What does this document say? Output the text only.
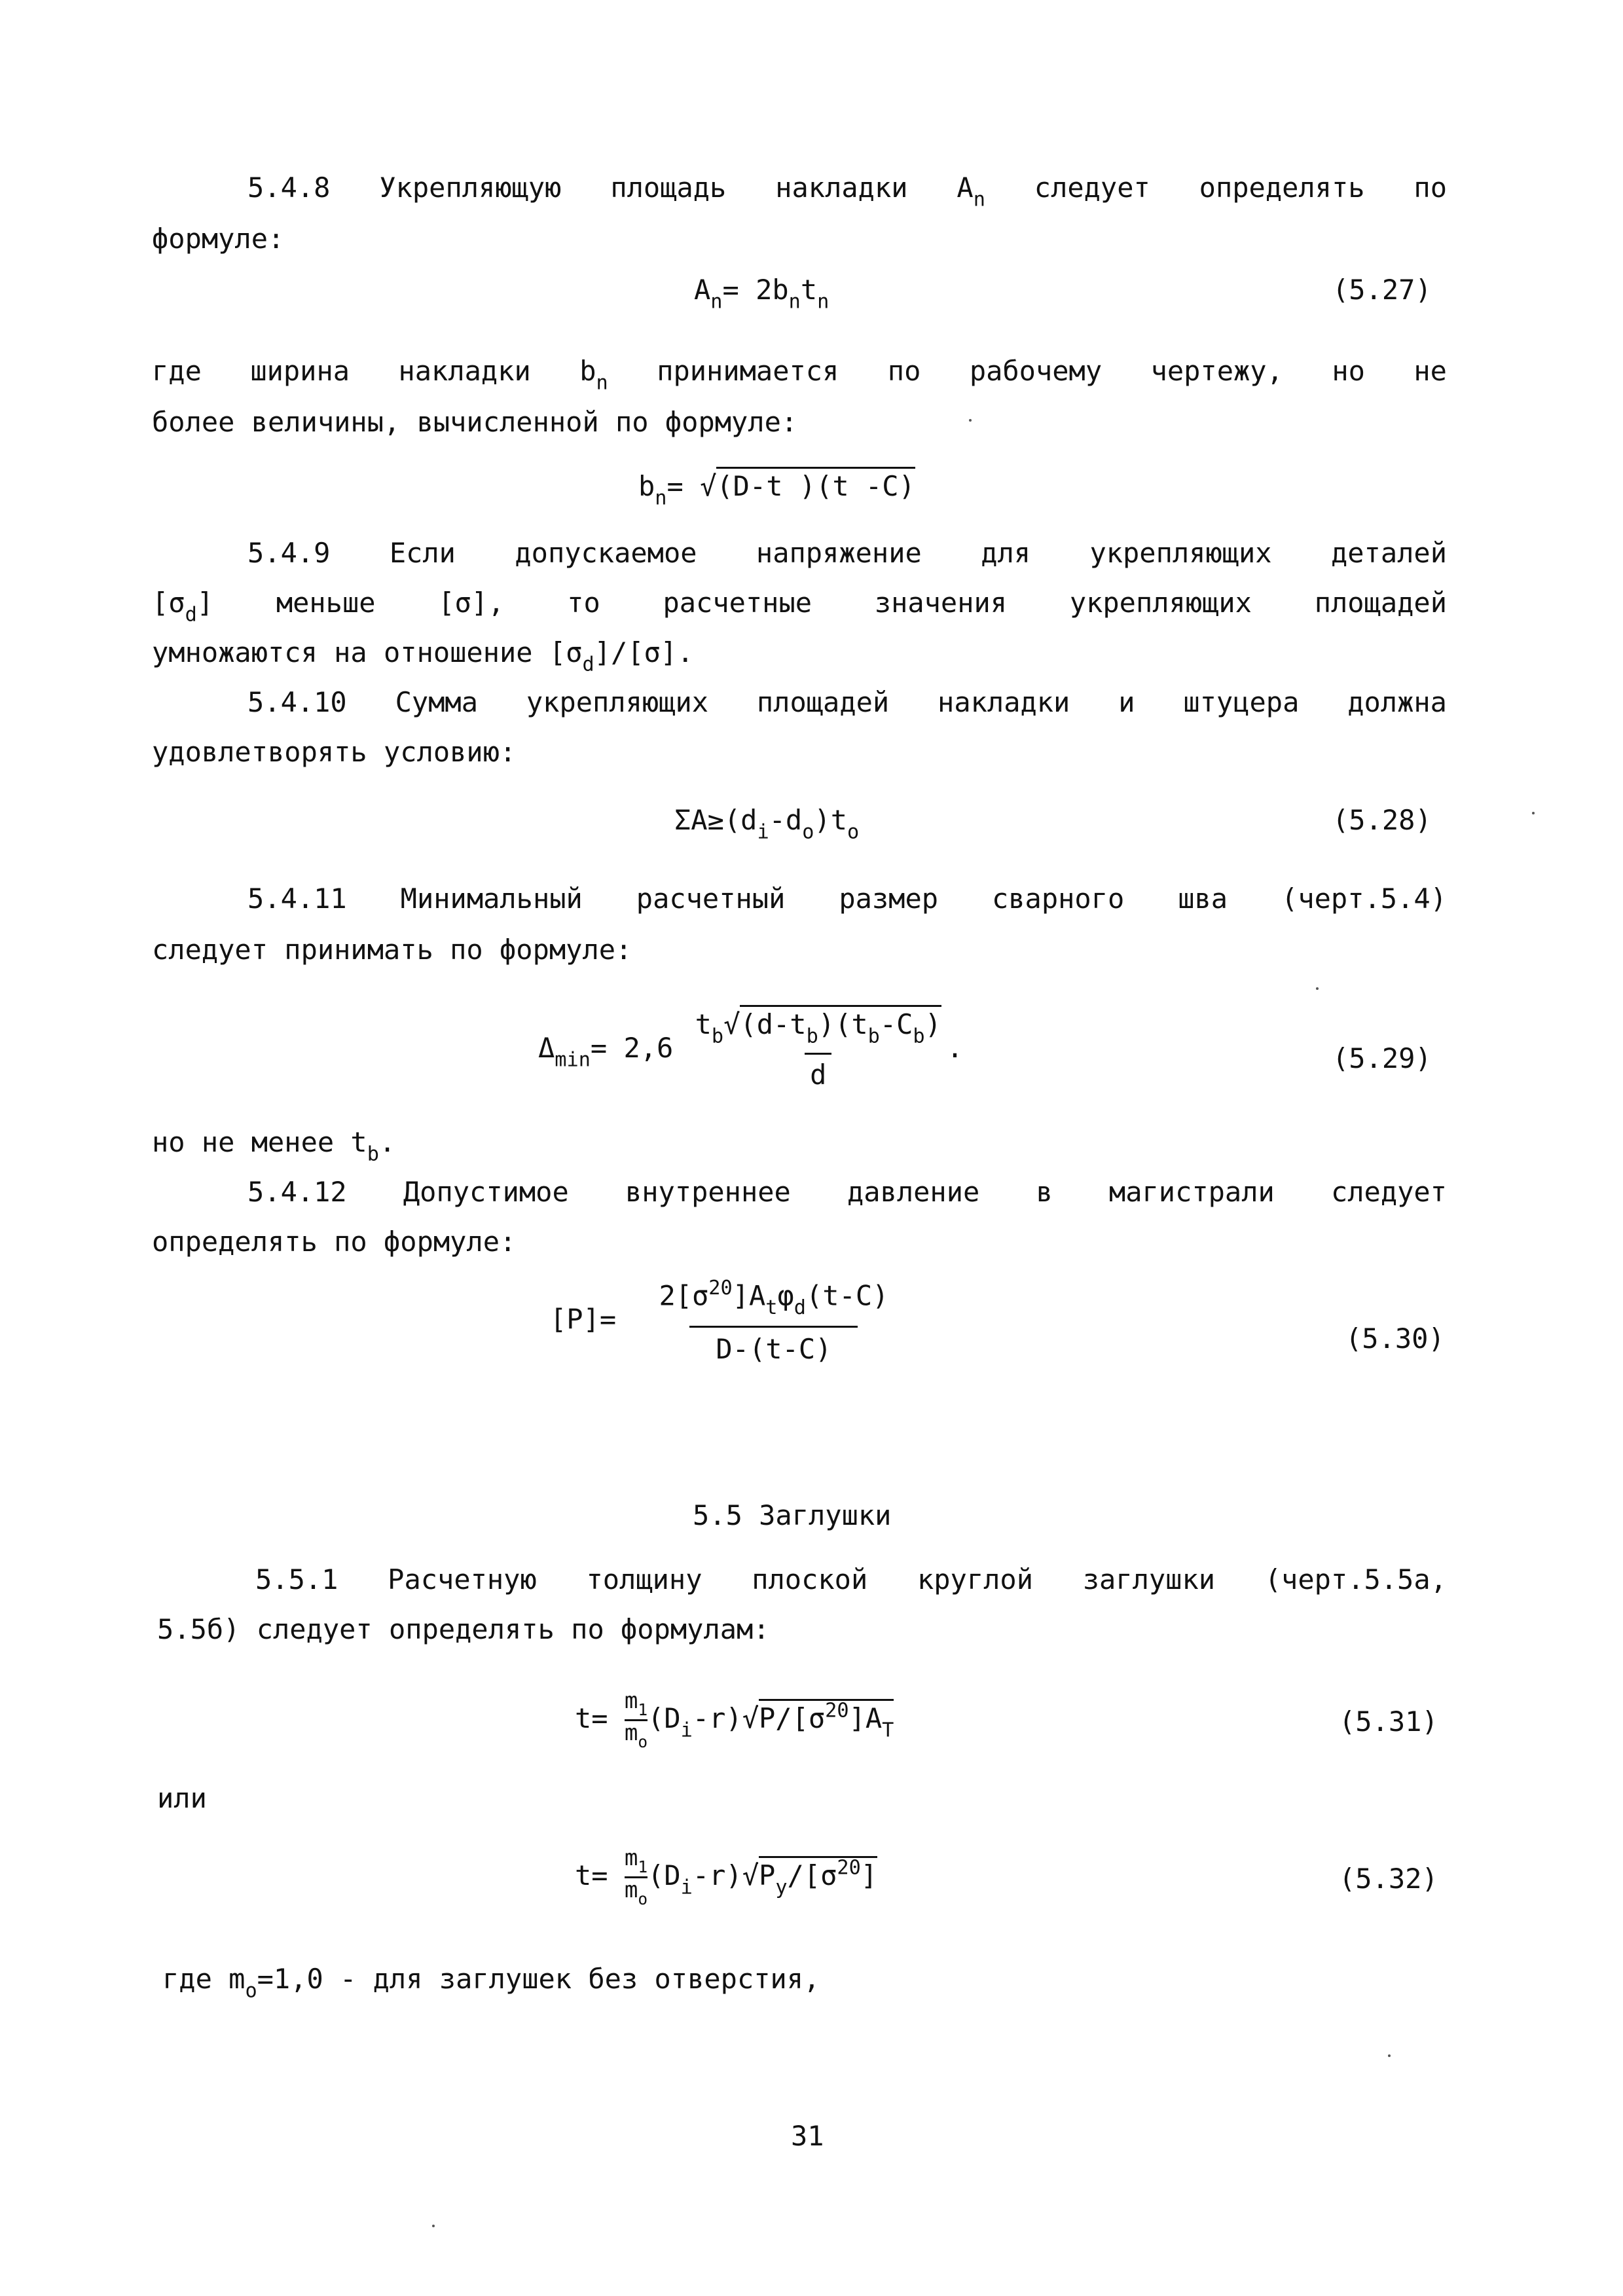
5.4.8 Укрепляющую площадь накладки $А_n$ следует определять по
формуле:
$A_n= 2b_nt_n$	(5.27)
где ширина накладки $b_n$ принимается по рабочему чертежу, но не
более величины, вычисленной по формуле:
$b_n= √(D-t$ )(t -C)
5.4.9 Если допускаемое напряжение для укрепляющих деталей
$[\sigma_d]$ меньше [σ], то расчетные значения укрепляющих площадей
умножаются на отношение $[\sigma_d]/[\sigma]$.
5.4.10 Сумма укрепляющих площадей накладки и штуцера должна
удовлетворять условию:
$\Sigma A\ge(d_i-d_o)t_o$	(5.28)
5.4.11 Минимальный расчетный размер сварного шва (черт.5.4)
следует принимать по формуле:
$\Delta_{min}= 2,6 \frac{t_b√(d-t_b)(t_b-C_b)}{d}$ .	(5.29)
но не менее $t_b$.
5.4.12 Допустимое внутреннее давление в магистрали следует
определять по формуле:
$[P]= \frac{2[\sigma^{20}]A_t\varphi_d(t-C)}{D-(t-C)}$	(5.30)
5.5 Заглушки
5.5.1 Расчетную толщину плоской круглой заглушки (черт.5.5а,
5.5б) следует определять по формулам:
$t= \frac{m_1}{m_o} (D_i-r)√P/[\sigma^{20}]A_T$	(5.31)
или
$t= \frac{m_1}{m_o} (D_i-r)√P_y/[\sigma^{20}]$	(5.32)
где $m_o=1,0$ - для заглушек без отверстия,
31
